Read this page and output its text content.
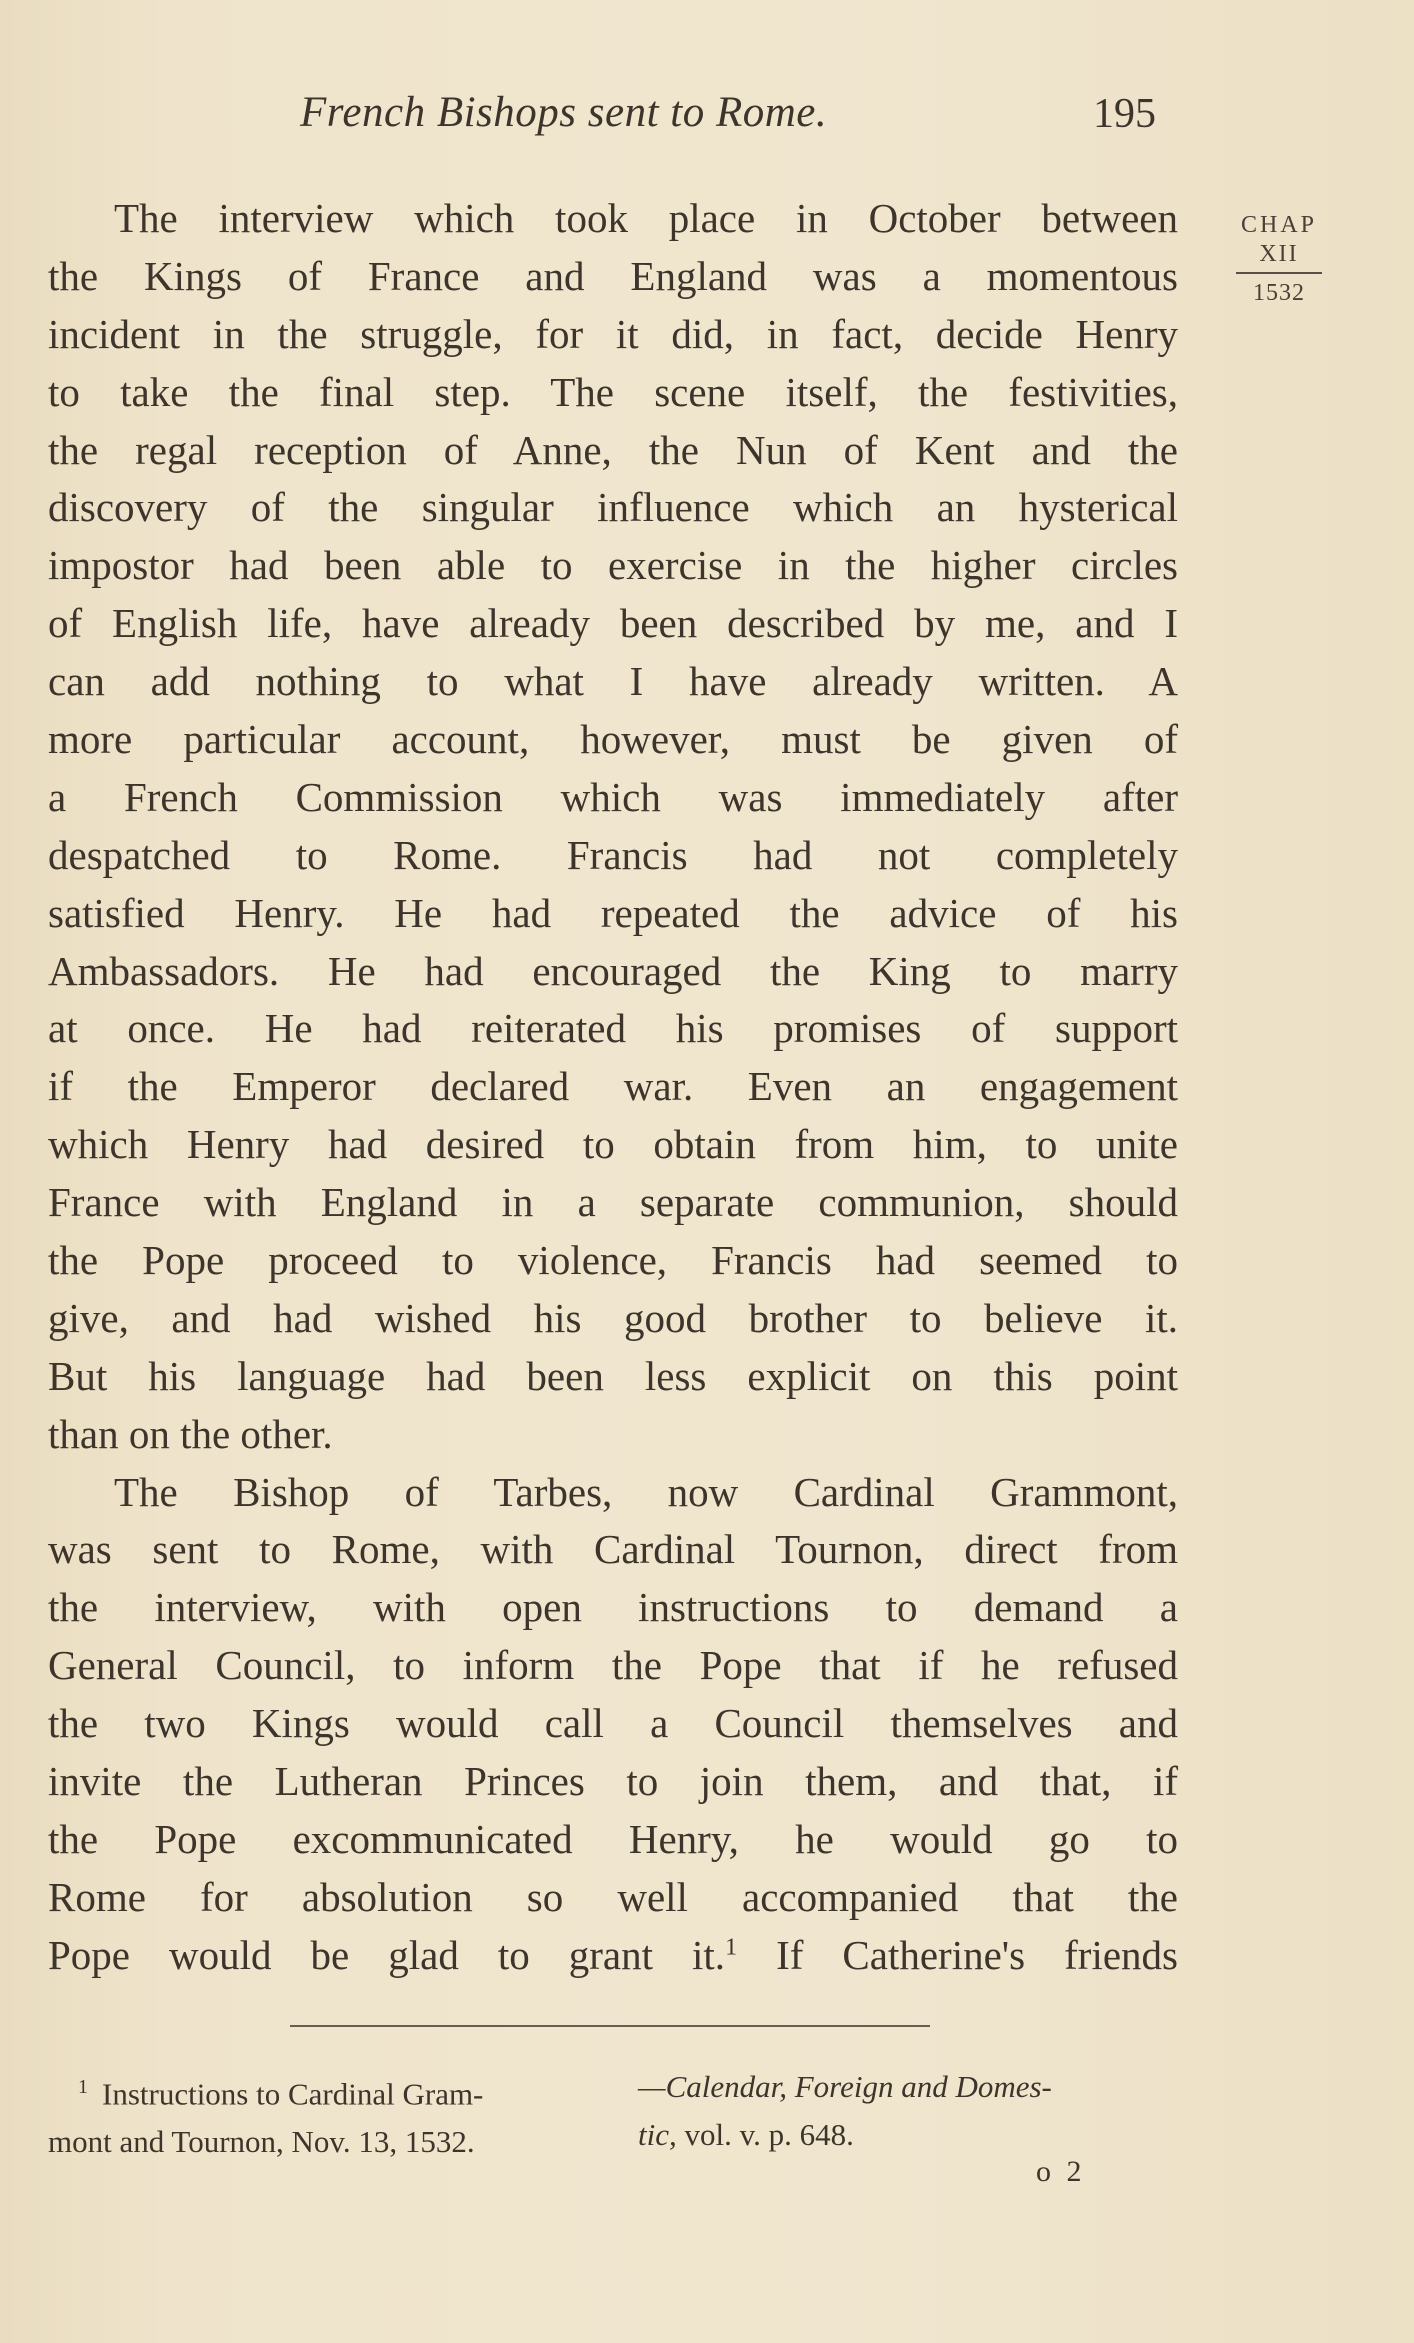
French Bishops sent to Rome.	195
CHAP
XII
1532
The interview which took place in October between
the Kings of France and England was a momentous
incident in the struggle, for it did, in fact, decide Henry
to take the final step. The scene itself, the festivities,
the regal reception of Anne, the Nun of Kent and the
discovery of the singular influence which an hysterical
impostor had been able to exercise in the higher circles
of English life, have already been described by me, and I
can add nothing to what I have already written. A
more particular account, however, must be given of
a French Commission which was immediately after
despatched to Rome. Francis had not completely
satisfied Henry. He had repeated the advice of his
Ambassadors. He had encouraged the King to marry
at once. He had reiterated his promises of support
if the Emperor declared war. Even an engagement
which Henry had desired to obtain from him, to unite
France with England in a separate communion, should
the Pope proceed to violence, Francis had seemed to
give, and had wished his good brother to believe it.
But his language had been less explicit on this point
than on the other.
The Bishop of Tarbes, now Cardinal Grammont,
was sent to Rome, with Cardinal Tournon, direct from
the interview, with open instructions to demand a
General Council, to inform the Pope that if he refused
the two Kings would call a Council themselves and
invite the Lutheran Princes to join them, and that, if
the Pope excommunicated Henry, he would go to
Rome for absolution so well accompanied that the
Pope would be glad to grant it.$^1$ If Catherine's friends
$^1$ Instructions to Cardinal Gram-
mont and Tournon, Nov. 13, 1532.
—Calendar, Foreign and Domes-
tic, vol. v. p. 648.
o 2
